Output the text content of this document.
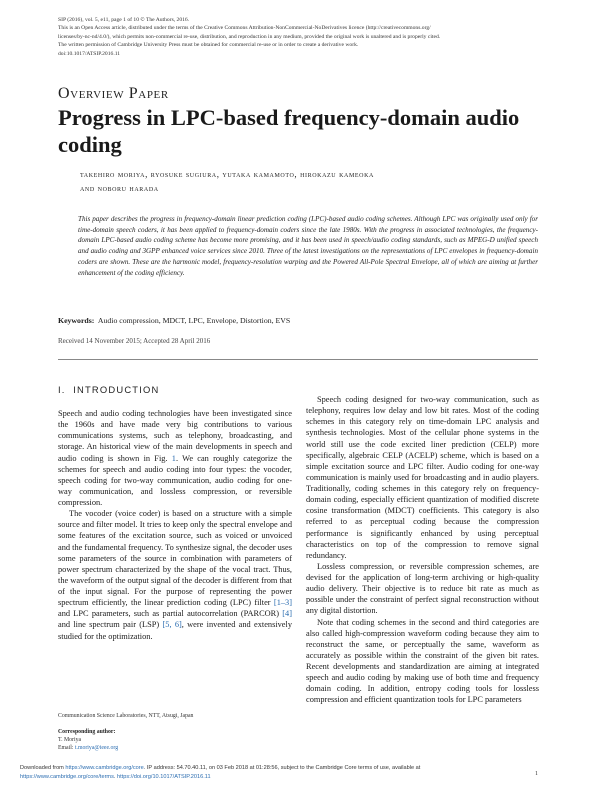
SIP (2016), vol. 5, e11, page 1 of 10 © The Authors, 2016.
This is an Open Access article, distributed under the terms of the Creative Commons Attribution-NonCommercial-NoDerivatives licence (http://creativecommons.org/
licenses/by-nc-nd/4.0/), which permits non-commercial re-use, distribution, and reproduction in any medium, provided the original work is unaltered and is properly cited.
The written permission of Cambridge University Press must be obtained for commercial re-use or in order to create a derivative work.
doi:10.1017/ATSIP.2016.11
Overview Paper
Progress in LPC-based frequency-domain audio coding
takehiro moriya, ryosuke sugiura, yutaka kamamoto, hirokazu kameoka
and noboru harada
This paper describes the progress in frequency-domain linear prediction coding (LPC)-based audio coding schemes. Although LPC was originally used only for time-domain speech coders, it has been applied to frequency-domain coders since the late 1980s. With the progress in associated technologies, the frequency-domain LPC-based audio coding scheme has become more promising, and it has been used in speech/audio coding standards, such as MPEG-D unified speech and audio coding and 3GPP enhanced voice services since 2010. Three of the latest investigations on the representations of LPC envelopes in frequency-domain coders are shown. These are the harmonic model, frequency-resolution warping and the Powered All-Pole Spectral Envelope, all of which are aiming at further enhancement of the coding efficiency.
Keywords: Audio compression, MDCT, LPC, Envelope, Distortion, EVS
Received 14 November 2015; Accepted 28 April 2016
I. INTRODUCTION

Speech and audio coding technologies have been investigated since the 1960s and have made very big contributions to various communications systems, such as telephony, broadcasting, and storage. An historical view of the main developments in speech and audio coding is shown in Fig. 1. We can roughly categorize the schemes for speech and audio coding into four types: the vocoder, speech coding for two-way communication, audio coding for one-way communication, and lossless compression, or reversible compression.

The vocoder (voice coder) is based on a structure with a simple source and filter model. It tries to keep only the spectral envelope and some features of the excitation source, such as voiced or unvoiced and the fundamental frequency. To synthesize signal, the decoder uses some parameters of the source in combination with parameters of power spectrum characterized by the shape of the vocal tract. Thus, the waveform of the output signal of the decoder is different from that of the input signal. For the purpose of representing the power spectrum efficiently, the linear prediction coding (LPC) filter [1–3] and LPC parameters, such as partial autocorrelation (PARCOR) [4] and line spectrum pair (LSP) [5, 6], were invented and extensively studied for the optimization.

Speech coding designed for two-way communication, such as telephony, requires low delay and low bit rates. Most of the coding schemes in this category rely on time-domain LPC analysis and synthesis technologies. Most of the cellular phone systems in the world still use the code excited liner prediction (CELP) more specifically, algebraic CELP (ACELP) scheme, which is based on a simple excitation source and LPC filter. Audio coding for one-way communication is mainly used for broadcasting and in audio players. Traditionally, coding schemes in this category rely on frequency-domain coding, especially efficient quantization of modified discrete cosine transformation (MDCT) coefficients. This category is also referred to as perceptual coding because the compression performance is significantly enhanced by using perceptual characteristics on top of the compression to remove signal redundancy.

Lossless compression, or reversible compression schemes, are devised for the application of long-term archiving or high-quality audio delivery. Their objective is to reduce bit rate as much as possible under the constraint of perfect signal reconstruction without any digital distortion.

Note that coding schemes in the second and third categories are also called high-compression waveform coding because they aim to reconstruct the same, or perceptually the same, waveform as accurately as possible within the constraint of the given bit rates. Recent developments and standardization are aiming at integrated speech and audio coding by making use of both time and frequency domain coding. In addition, entropy coding tools for lossless compression and efficient quantization tools for LPC parameters

Communication Science Laboratories, NTT, Atsugi, Japan
Corresponding author:
T. Moriya
Email: t.moriya@ieee.org
Downloaded from https://www.cambridge.org/core. IP address: 54.70.40.11, on 03 Feb 2018 at 01:28:56, subject to the Cambridge Core terms of use, available at
https://www.cambridge.org/core/terms. https://doi.org/10.1017/ATSIP.2016.11	1
